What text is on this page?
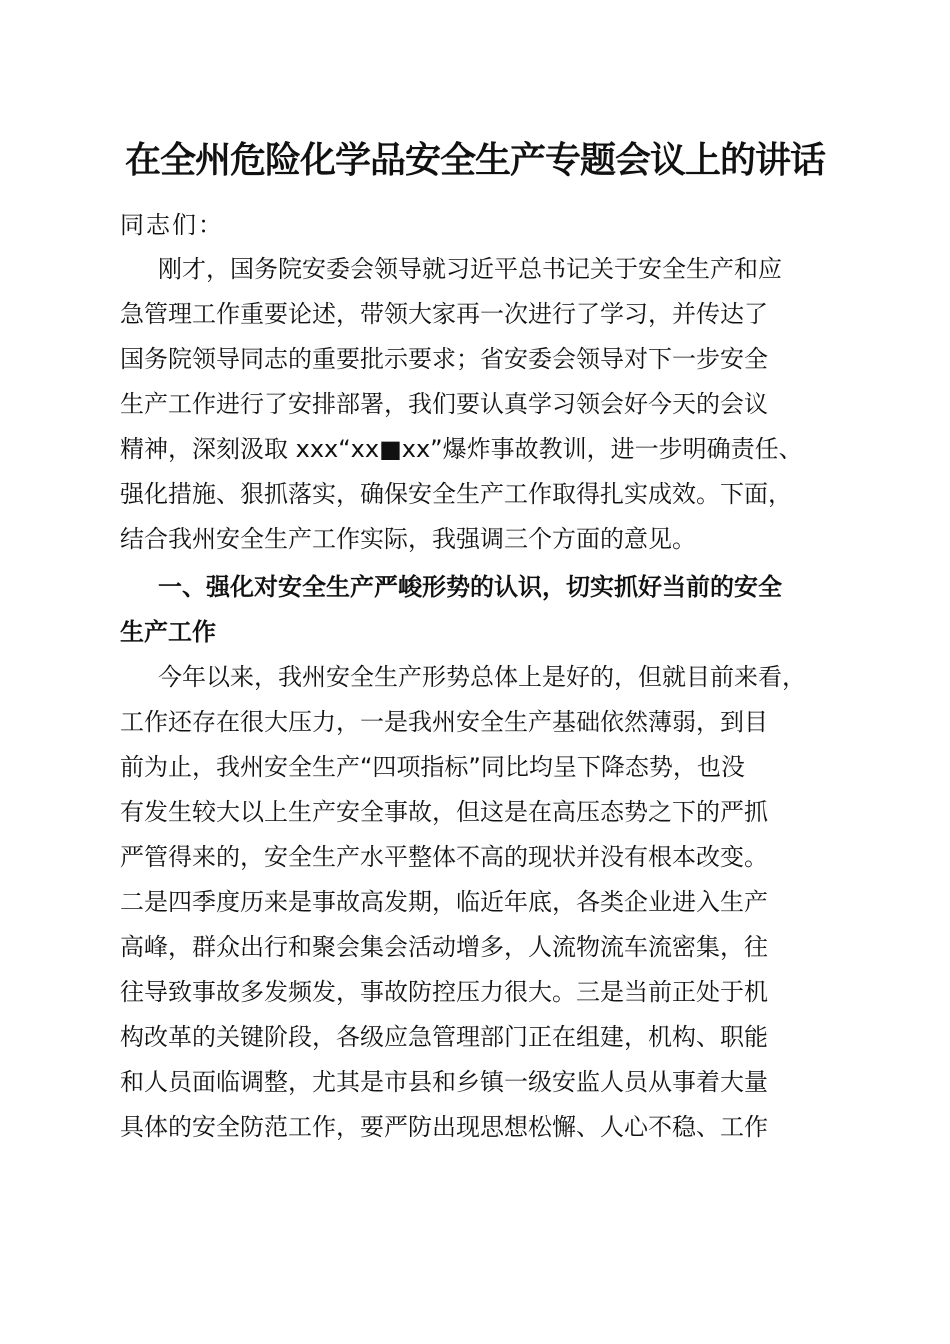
在全州危险化学品安全生产专题会议上的讲话
同志们：
刚才，国务院安委会领导就习近平总书记关于安全生产和应
急管理工作重要论述，带领大家再一次进行了学习，并传达了
国务院领导同志的重要批示要求；省安委会领导对下一步安全
生产工作进行了安排部署，我们要认真学习领会好今天的会议
精神，深刻汲取 xxx“xx■xx”爆炸事故教训，进一步明确责任、
强化措施、狠抓落实，确保安全生产工作取得扎实成效。下面，
结合我州安全生产工作实际，我强调三个方面的意见。
一、强化对安全生产严峻形势的认识，切实抓好当前的安全
生产工作
今年以来，我州安全生产形势总体上是好的，但就目前来看，
工作还存在很大压力，一是我州安全生产基础依然薄弱，到目
前为止，我州安全生产“四项指标”同比均呈下降态势，也没
有发生较大以上生产安全事故，但这是在高压态势之下的严抓
严管得来的，安全生产水平整体不高的现状并没有根本改变。
二是四季度历来是事故高发期，临近年底，各类企业进入生产
高峰，群众出行和聚会集会活动增多，人流物流车流密集，往
往导致事故多发频发，事故防控压力很大。三是当前正处于机
构改革的关键阶段，各级应急管理部门正在组建，机构、职能
和人员面临调整，尤其是市县和乡镇一级安监人员从事着大量
具体的安全防范工作，要严防出现思想松懈、人心不稳、工作
